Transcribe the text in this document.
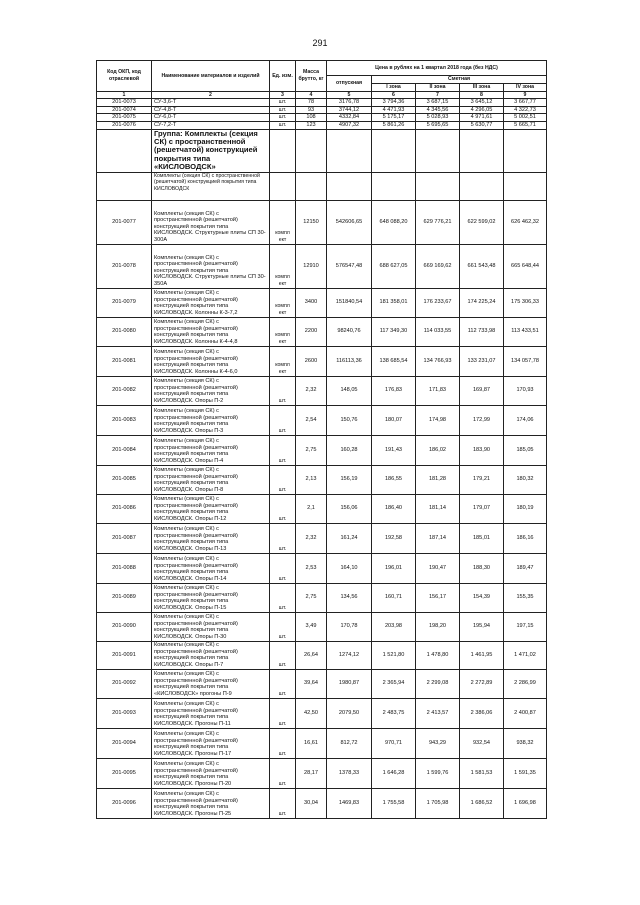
291
Код ОКП, код отраслевой	Наименование материалов и изделий	Ед. изм.	Масса брутто, кг	Цена в рублях на 1 квартал 2018 года (без НДС)				
				отпускная	Сметная			
					I зона	II зона	III зона	IV зона
1	2	3	4	5	6	7	8	9
201-0073	СУ-3,6-Т	шт.	78	3176,78	3 794,36	3 687,15	3 645,12	3 667,77
201-0074	СУ-4,8-Т	шт.	93	3744,12	4 471,93	4 345,56	4 296,05	4 322,73
201-0075	СУ-6,0-Т	шт.	108	4332,84	5 175,17	5 028,93	4 971,61	5 002,51
201-0076	СУ-7,2-Т	шт.	123	4907,32	5 861,26	5 695,65	5 630,77	5 665,71
	Группа: Комплекты (секция СК) с пространственной (решетчатой) конструкцией покрытия типа «КИСЛОВОДСК»							
	Комплекты (секция СК) с пространственной (решетчатой) конструкцией покрытия типа КИСЛОВОДСК							
201-0077	Комплекты (секция СК) с пространственной (решетчатой) конструкцией покрытия типа КИСЛОВОДСК. Структурные плиты СП 30-300А	компл ект	12150	542606,65	648 088,20	629 776,21	622 599,02	626 462,32
201-0078	Комплекты (секция СК) с пространственной (решетчатой) конструкцией покрытия типа КИСЛОВОДСК. Структурные плиты СП 30-350А	компл ект	12910	576547,48	688 627,05	669 169,62	661 543,48	665 648,44
201-0079	Комплекты (секция СК) с пространственной (решетчатой) конструкцией покрытия типа КИСЛОВОДСК. Колонны К-3-7,2	компл ект	3400	151840,54	181 358,01	176 233,67	174 225,24	175 306,33
201-0080	Комплекты (секция СК) с пространственной (решетчатой) конструкцией покрытия типа КИСЛОВОДСК. Колонны К-4-4,8	компл ект	2200	98240,76	117 349,30	114 033,55	112 733,98	113 433,51
201-0081	Комплекты (секция СК) с пространственной (решетчатой) конструкцией покрытия типа КИСЛОВОДСК. Колонны К-4-6,0	компл ект	2600	116113,36	138 685,54	134 766,93	133 231,07	134 057,78
201-0082	Комплекты (секция СК) с пространственной (решетчатой) конструкцией покрытия типа КИСЛОВОДСК. Опоры П-2	шт.	2,32	148,05	176,83	171,83	169,87	170,93
201-0083	Комплекты (секция СК) с пространственной (решетчатой) конструкцией покрытия типа КИСЛОВОДСК. Опоры П-3	шт.	2,54	150,76	180,07	174,98	172,99	174,06
201-0084	Комплекты (секция СК) с пространственной (решетчатой) конструкцией покрытия типа КИСЛОВОДСК. Опоры П-4	шт.	2,75	160,28	191,43	186,02	183,90	185,05
201-0085	Комплекты (секция СК) с пространственной (решетчатой) конструкцией покрытия типа КИСЛОВОДСК. Опоры П-8	шт.	2,13	156,19	186,55	181,28	179,21	180,32
201-0086	Комплекты (секция СК) с пространственной (решетчатой) конструкцией покрытия типа КИСЛОВОДСК. Опоры П-12	шт.	2,1	156,06	186,40	181,14	179,07	180,19
201-0087	Комплекты (секция СК) с пространственной (решетчатой) конструкцией покрытия типа КИСЛОВОДСК. Опоры П-13	шт.	2,32	161,24	192,58	187,14	185,01	186,16
201-0088	Комплекты (секция СК) с пространственной (решетчатой) конструкцией покрытия типа КИСЛОВОДСК. Опоры П-14	шт.	2,53	164,10	196,01	190,47	188,30	189,47
201-0089	Комплекты (секция СК) с пространственной (решетчатой) конструкцией покрытия типа КИСЛОВОДСК. Опоры П-15	шт.	2,75	134,56	160,71	156,17	154,39	155,35
201-0090	Комплекты (секция СК) с пространственной (решетчатой) конструкцией покрытия типа КИСЛОВОДСК. Опоры П-30	шт.	3,49	170,78	203,98	198,20	195,94	197,15
201-0091	Комплекты (секция СК) с пространственной (решетчатой) конструкцией покрытия типа КИСЛОВОДСК. Опоры П-7	шт.	26,64	1274,12	1 521,80	1 478,80	1 461,95	1 471,02
201-0092	Комплекты (секция СК) с пространственной (решетчатой) конструкцией покрытия типа «КИСЛОВОДСК» прогоны П-9	шт.	39,64	1980,87	2 365,94	2 299,08	2 272,89	2 286,99
201-0093	Комплекты (секция СК) с пространственной (решетчатой) конструкцией покрытия типа КИСЛОВОДСК. Прогоны П-11	шт.	42,50	2079,50	2 483,75	2 413,57	2 386,06	2 400,87
201-0094	Комплекты (секция СК) с пространственной (решетчатой) конструкцией покрытия типа КИСЛОВОДСК. Прогоны П-17	шт.	16,61	812,72	970,71	943,29	932,54	938,32
201-0095	Комплекты (секция СК) с пространственной (решетчатой) конструкцией покрытия типа КИСЛОВОДСК. Прогоны П-20	шт.	28,17	1378,33	1 646,28	1 599,76	1 581,53	1 591,35
201-0096	Комплекты (секция СК) с пространственной (решетчатой) конструкцией покрытия типа КИСЛОВОДСК. Прогоны П-25	шт.	30,04	1469,83	1 755,58	1 705,98	1 686,52	1 696,98
